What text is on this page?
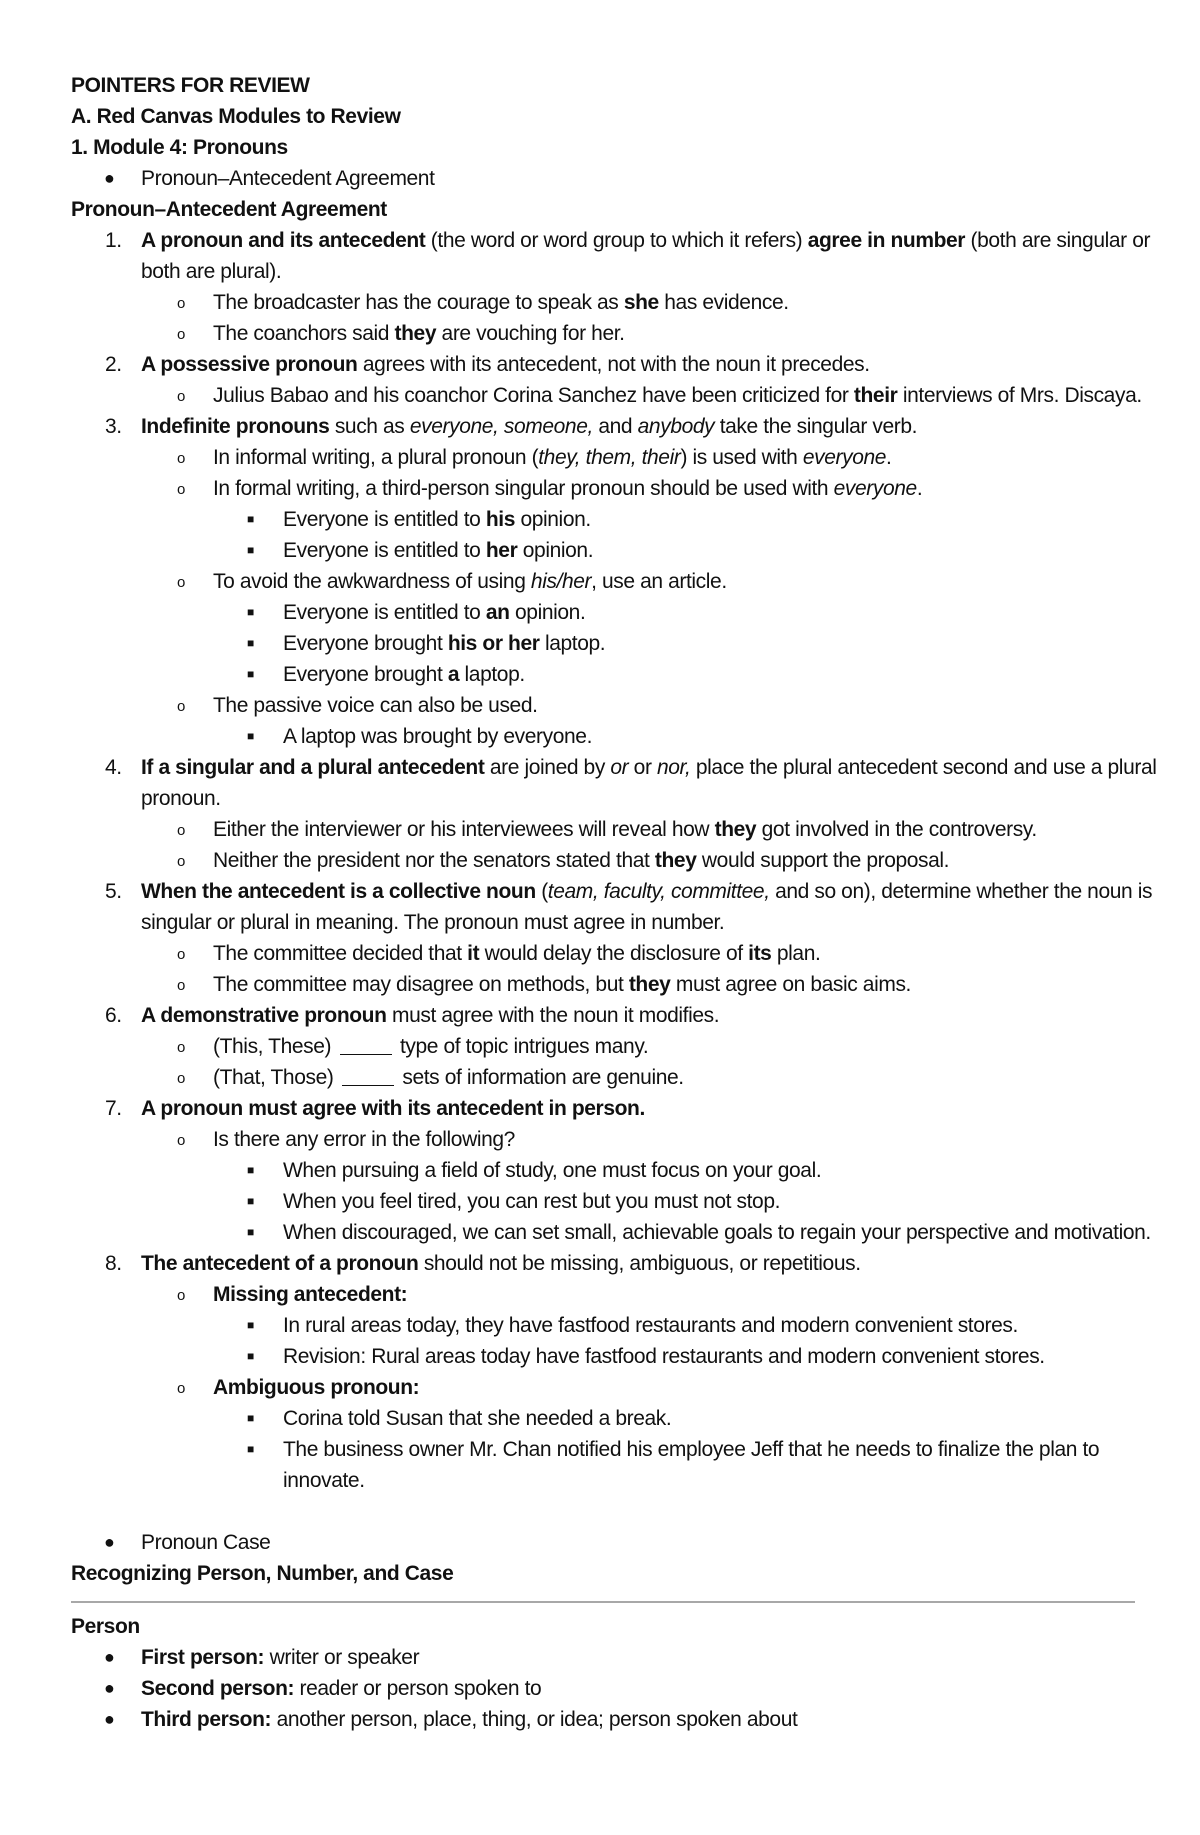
POINTERS FOR REVIEW
A. Red Canvas Modules to Review
1. Module 4: Pronouns
● Pronoun–Antecedent Agreement
Pronoun–Antecedent Agreement
1. A pronoun and its antecedent (the word or word group to which it refers) agree in number (both are singular or
both are plural).
o The broadcaster has the courage to speak as she has evidence.
o The coanchors said they are vouching for her.
2. A possessive pronoun agrees with its antecedent, not with the noun it precedes.
o Julius Babao and his coanchor Corina Sanchez have been criticized for their interviews of Mrs. Discaya.
3. Indefinite pronouns such as everyone, someone, and anybody take the singular verb.
o In informal writing, a plural pronoun (they, them, their) is used with everyone.
o In formal writing, a third-person singular pronoun should be used with everyone.
■ Everyone is entitled to his opinion.
■ Everyone is entitled to her opinion.
o To avoid the awkwardness of using his/her, use an article.
■ Everyone is entitled to an opinion.
■ Everyone brought his or her laptop.
■ Everyone brought a laptop.
o The passive voice can also be used.
■ A laptop was brought by everyone.
4. If a singular and a plural antecedent are joined by or or nor, place the plural antecedent second and use a plural
pronoun.
o Either the interviewer or his interviewees will reveal how they got involved in the controversy.
o Neither the president nor the senators stated that they would support the proposal.
5. When the antecedent is a collective noun (team, faculty, committee, and so on), determine whether the noun is
singular or plural in meaning. The pronoun must agree in number.
o The committee decided that it would delay the disclosure of its plan.
o The committee may disagree on methods, but they must agree on basic aims.
6. A demonstrative pronoun must agree with the noun it modifies.
o (This, These)	type of topic intrigues many.
o (That, Those)	sets of information are genuine.
7. A pronoun must agree with its antecedent in person.
o Is there any error in the following?
■ When pursuing a field of study, one must focus on your goal.
■ When you feel tired, you can rest but you must not stop.
■ When discouraged, we can set small, achievable goals to regain your perspective and motivation.
8. The antecedent of a pronoun should not be missing, ambiguous, or repetitious.
o Missing antecedent:
■ In rural areas today, they have fastfood restaurants and modern convenient stores.
■ Revision: Rural areas today have fastfood restaurants and modern convenient stores.
o Ambiguous pronoun:
■ Corina told Susan that she needed a break.
■ The business owner Mr. Chan notified his employee Jeff that he needs to finalize the plan to
innovate.
● Pronoun Case
Recognizing Person, Number, and Case
Person
● First person: writer or speaker
● Second person: reader or person spoken to
● Third person: another person, place, thing, or idea; person spoken about
